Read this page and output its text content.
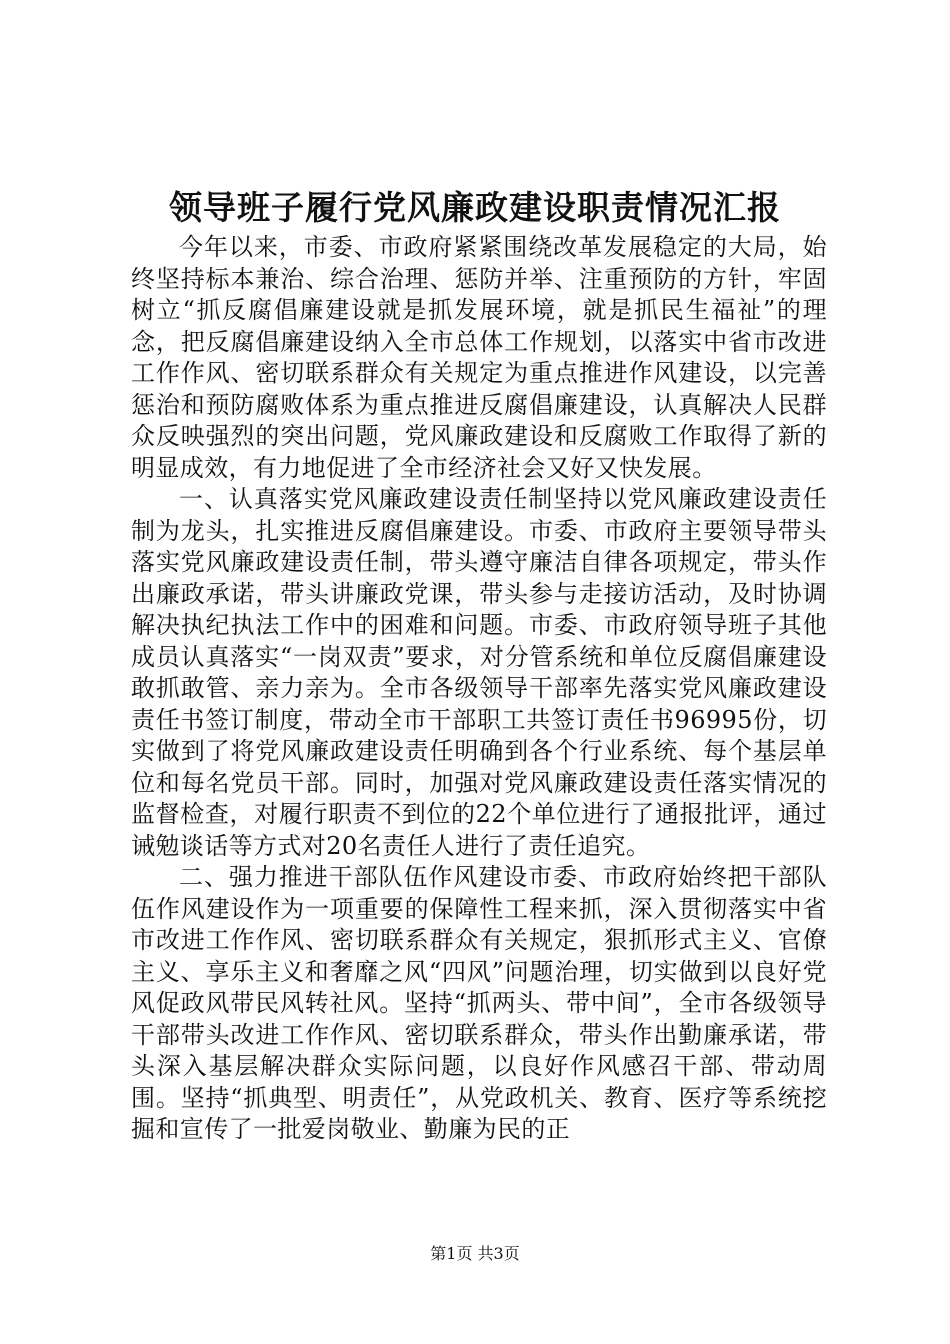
领导班子履行党风廉政建设职责情况汇报

今年以来，市委、市政府紧紧围绕改革发展稳定的大局，始终坚持标本兼治、综合治理、惩防并举、注重预防的方针，牢固树立“抓反腐倡廉建设就是抓发展环境，就是抓民生福祉”的理念，把反腐倡廉建设纳入全市总体工作规划，以落实中省市改进工作作风、密切联系群众有关规定为重点推进作风建设，以完善惩治和预防腐败体系为重点推进反腐倡廉建设，认真解决人民群众反映强烈的突出问题，党风廉政建设和反腐败工作取得了新的明显成效，有力地促进了全市经济社会又好又快发展。

一、认真落实党风廉政建设责任制坚持以党风廉政建设责任制为龙头，扎实推进反腐倡廉建设。市委、市政府主要领导带头落实党风廉政建设责任制，带头遵守廉洁自律各项规定，带头作出廉政承诺，带头讲廉政党课，带头参与走接访活动，及时协调解决执纪执法工作中的困难和问题。市委、市政府领导班子其他成员认真落实“一岗双责”要求，对分管系统和单位反腐倡廉建设敢抓敢管、亲力亲为。全市各级领导干部率先落实党风廉政建设责任书签订制度，带动全市干部职工共签订责任书96995份，切实做到了将党风廉政建设责任明确到各个行业系统、每个基层单位和每名党员干部。同时，加强对党风廉政建设责任落实情况的监督检查，对履行职责不到位的22个单位进行了通报批评，通过诫勉谈话等方式对20名责任人进行了责任追究。

二、强力推进干部队伍作风建设市委、市政府始终把干部队伍作风建设作为一项重要的保障性工程来抓，深入贯彻落实中省市改进工作作风、密切联系群众有关规定，狠抓形式主义、官僚主义、享乐主义和奢靡之风“四风”问题治理，切实做到以良好党风促政风带民风转社风。坚持“抓两头、带中间”，全市各级领导干部带头改进工作作风、密切联系群众，带头作出勤廉承诺，带头深入基层解决群众实际问题，以良好作风感召干部、带动周围。坚持“抓典型、明责任”，从党政机关、教育、医疗等系统挖掘和宣传了一批爱岗敬业、勤廉为民的正

第1页 共3页
